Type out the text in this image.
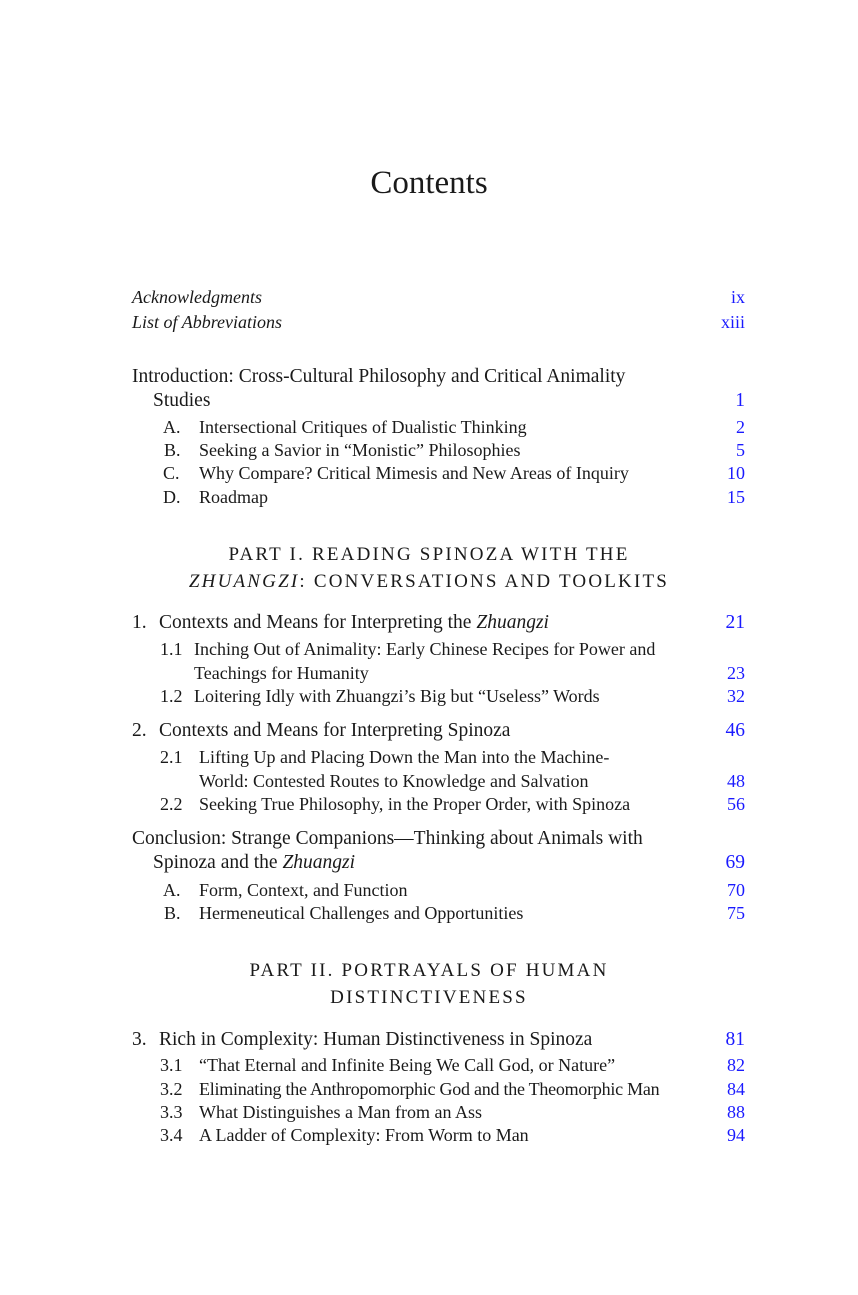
Contents
Acknowledgments	ix
List of Abbreviations	xiii
Introduction: Cross-Cultural Philosophy and Critical Animality
Studies	1
A. Intersectional Critiques of Dualistic Thinking	2
B. Seeking a Savior in “Monistic” Philosophies	5
C. Why Compare? Critical Mimesis and New Areas of Inquiry	10
D. Roadmap	15
PART I. READING SPINOZA WITH THE
ZHUANGZI: CONVERSATIONS AND TOOLKITS
1. Contexts and Means for Interpreting the Zhuangzi	21
1.1 Inching Out of Animality: Early Chinese Recipes for Power and
Teachings for Humanity	23
1.2 Loitering Idly with Zhuangzi’s Big but “Useless” Words	32
2. Contexts and Means for Interpreting Spinoza	46
2.1 Lifting Up and Placing Down the Man into the Machine-
World: Contested Routes to Knowledge and Salvation	48
2.2 Seeking True Philosophy, in the Proper Order, with Spinoza	56
Conclusion: Strange Companions—Thinking about Animals with
Spinoza and the Zhuangzi	69
A. Form, Context, and Function	70
B. Hermeneutical Challenges and Opportunities	75
PART II. PORTRAYALS OF HUMAN
DISTINCTIVENESS
3. Rich in Complexity: Human Distinctiveness in Spinoza	81
3.1 “That Eternal and Infinite Being We Call God, or Nature”	82
3.2 Eliminating the Anthropomorphic God and the Theomorphic Man	84
3.3 What Distinguishes a Man from an Ass	88
3.4 A Ladder of Complexity: From Worm to Man	94
